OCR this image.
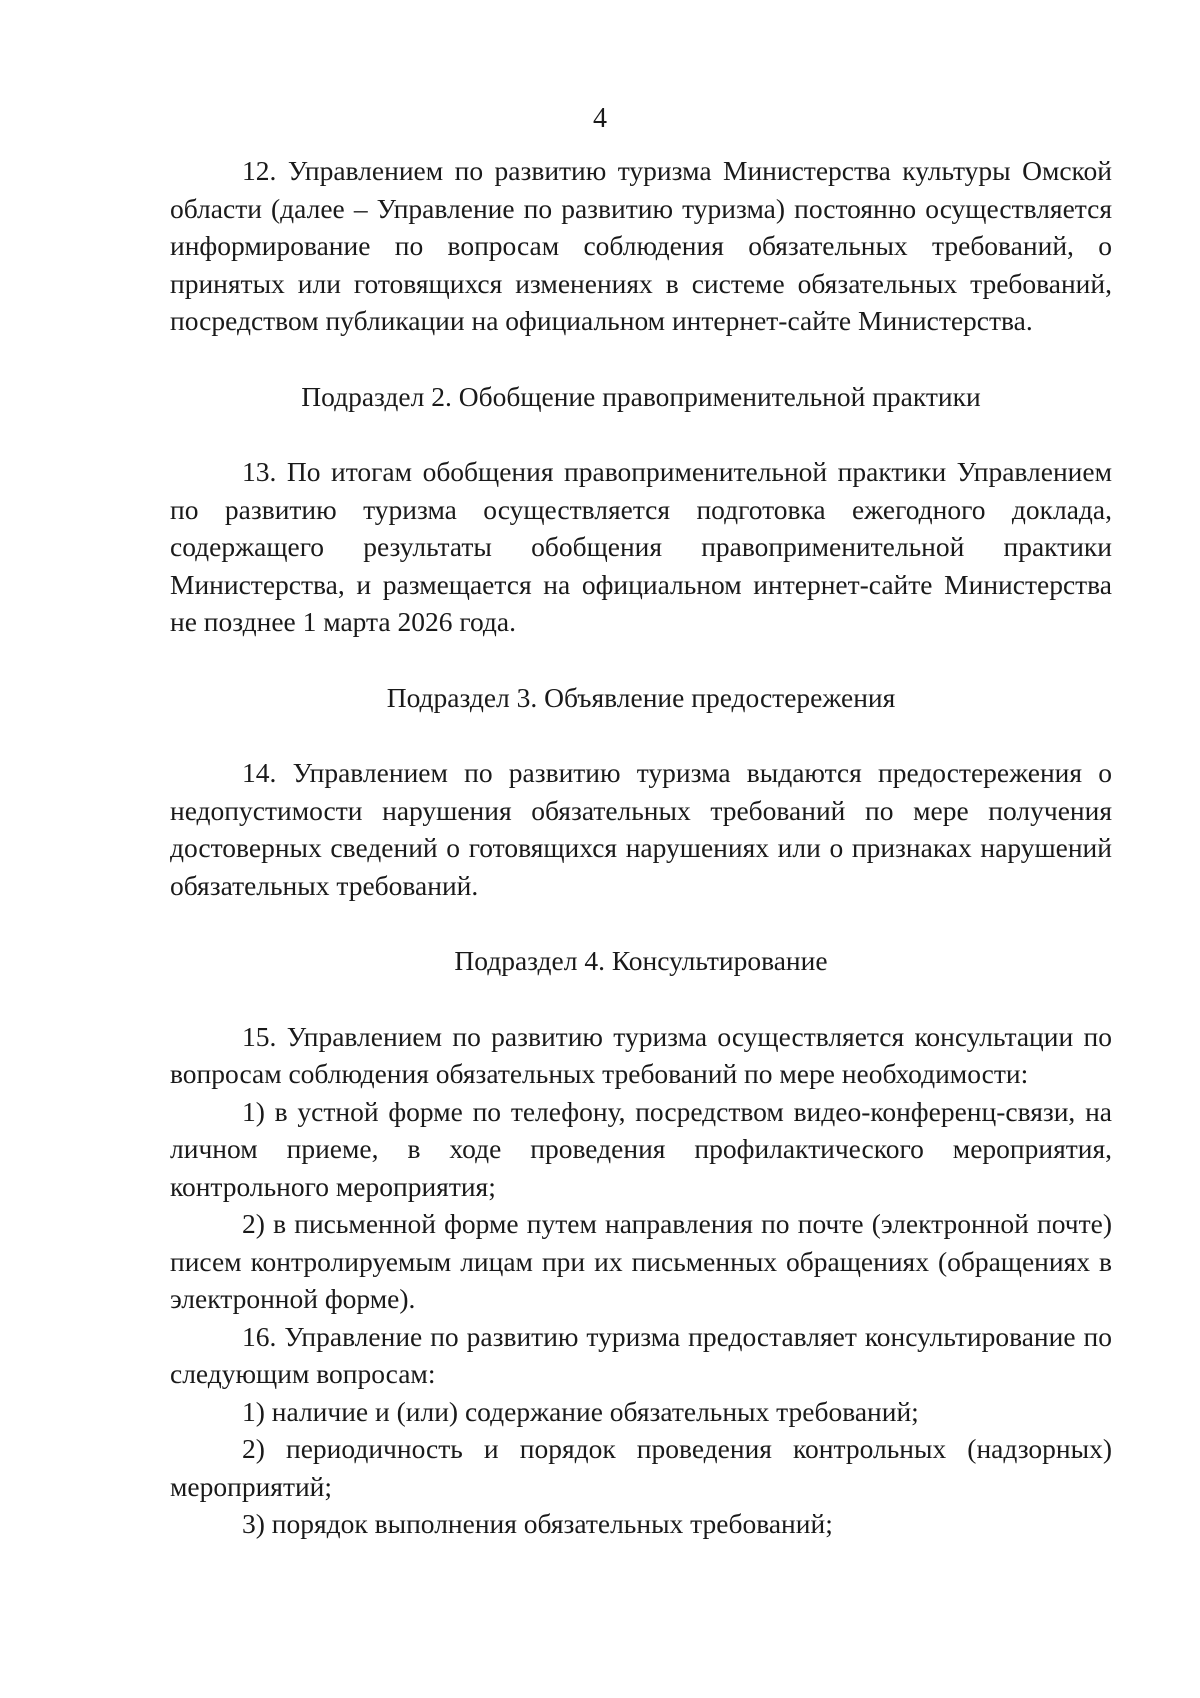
4

12. Управлением по развитию туризма Министерства культуры Омской области (далее – Управление по развитию туризма) постоянно осуществляется информирование по вопросам соблюдения обязательных требований, о принятых или готовящихся изменениях в системе обязательных требований, посредством публикации на официальном интернет-сайте Министерства.

Подраздел 2. Обобщение правоприменительной практики

13. По итогам обобщения правоприменительной практики Управлением по развитию туризма осуществляется подготовка ежегодного доклада, содержащего результаты обобщения правоприменительной практики Министерства, и размещается на официальном интернет-сайте Министерства не позднее 1 марта 2026 года.

Подраздел 3. Объявление предостережения

14. Управлением по развитию туризма выдаются предостережения о недопустимости нарушения обязательных требований по мере получения достоверных сведений о готовящихся нарушениях или о признаках нарушений обязательных требований.

Подраздел 4. Консультирование

15. Управлением по развитию туризма осуществляется консультации по вопросам соблюдения обязательных требований по мере необходимости:

1) в устной форме по телефону, посредством видео-конференц-связи, на личном приеме, в ходе проведения профилактического мероприятия, контрольного мероприятия;

2) в письменной форме путем направления по почте (электронной почте) писем контролируемым лицам при их письменных обращениях (обращениях в электронной форме).

16. Управление по развитию туризма предоставляет консультирование по следующим вопросам:

1) наличие и (или) содержание обязательных требований;

2) периодичность и порядок проведения контрольных (надзорных) мероприятий;

3) порядок выполнения обязательных требований;
